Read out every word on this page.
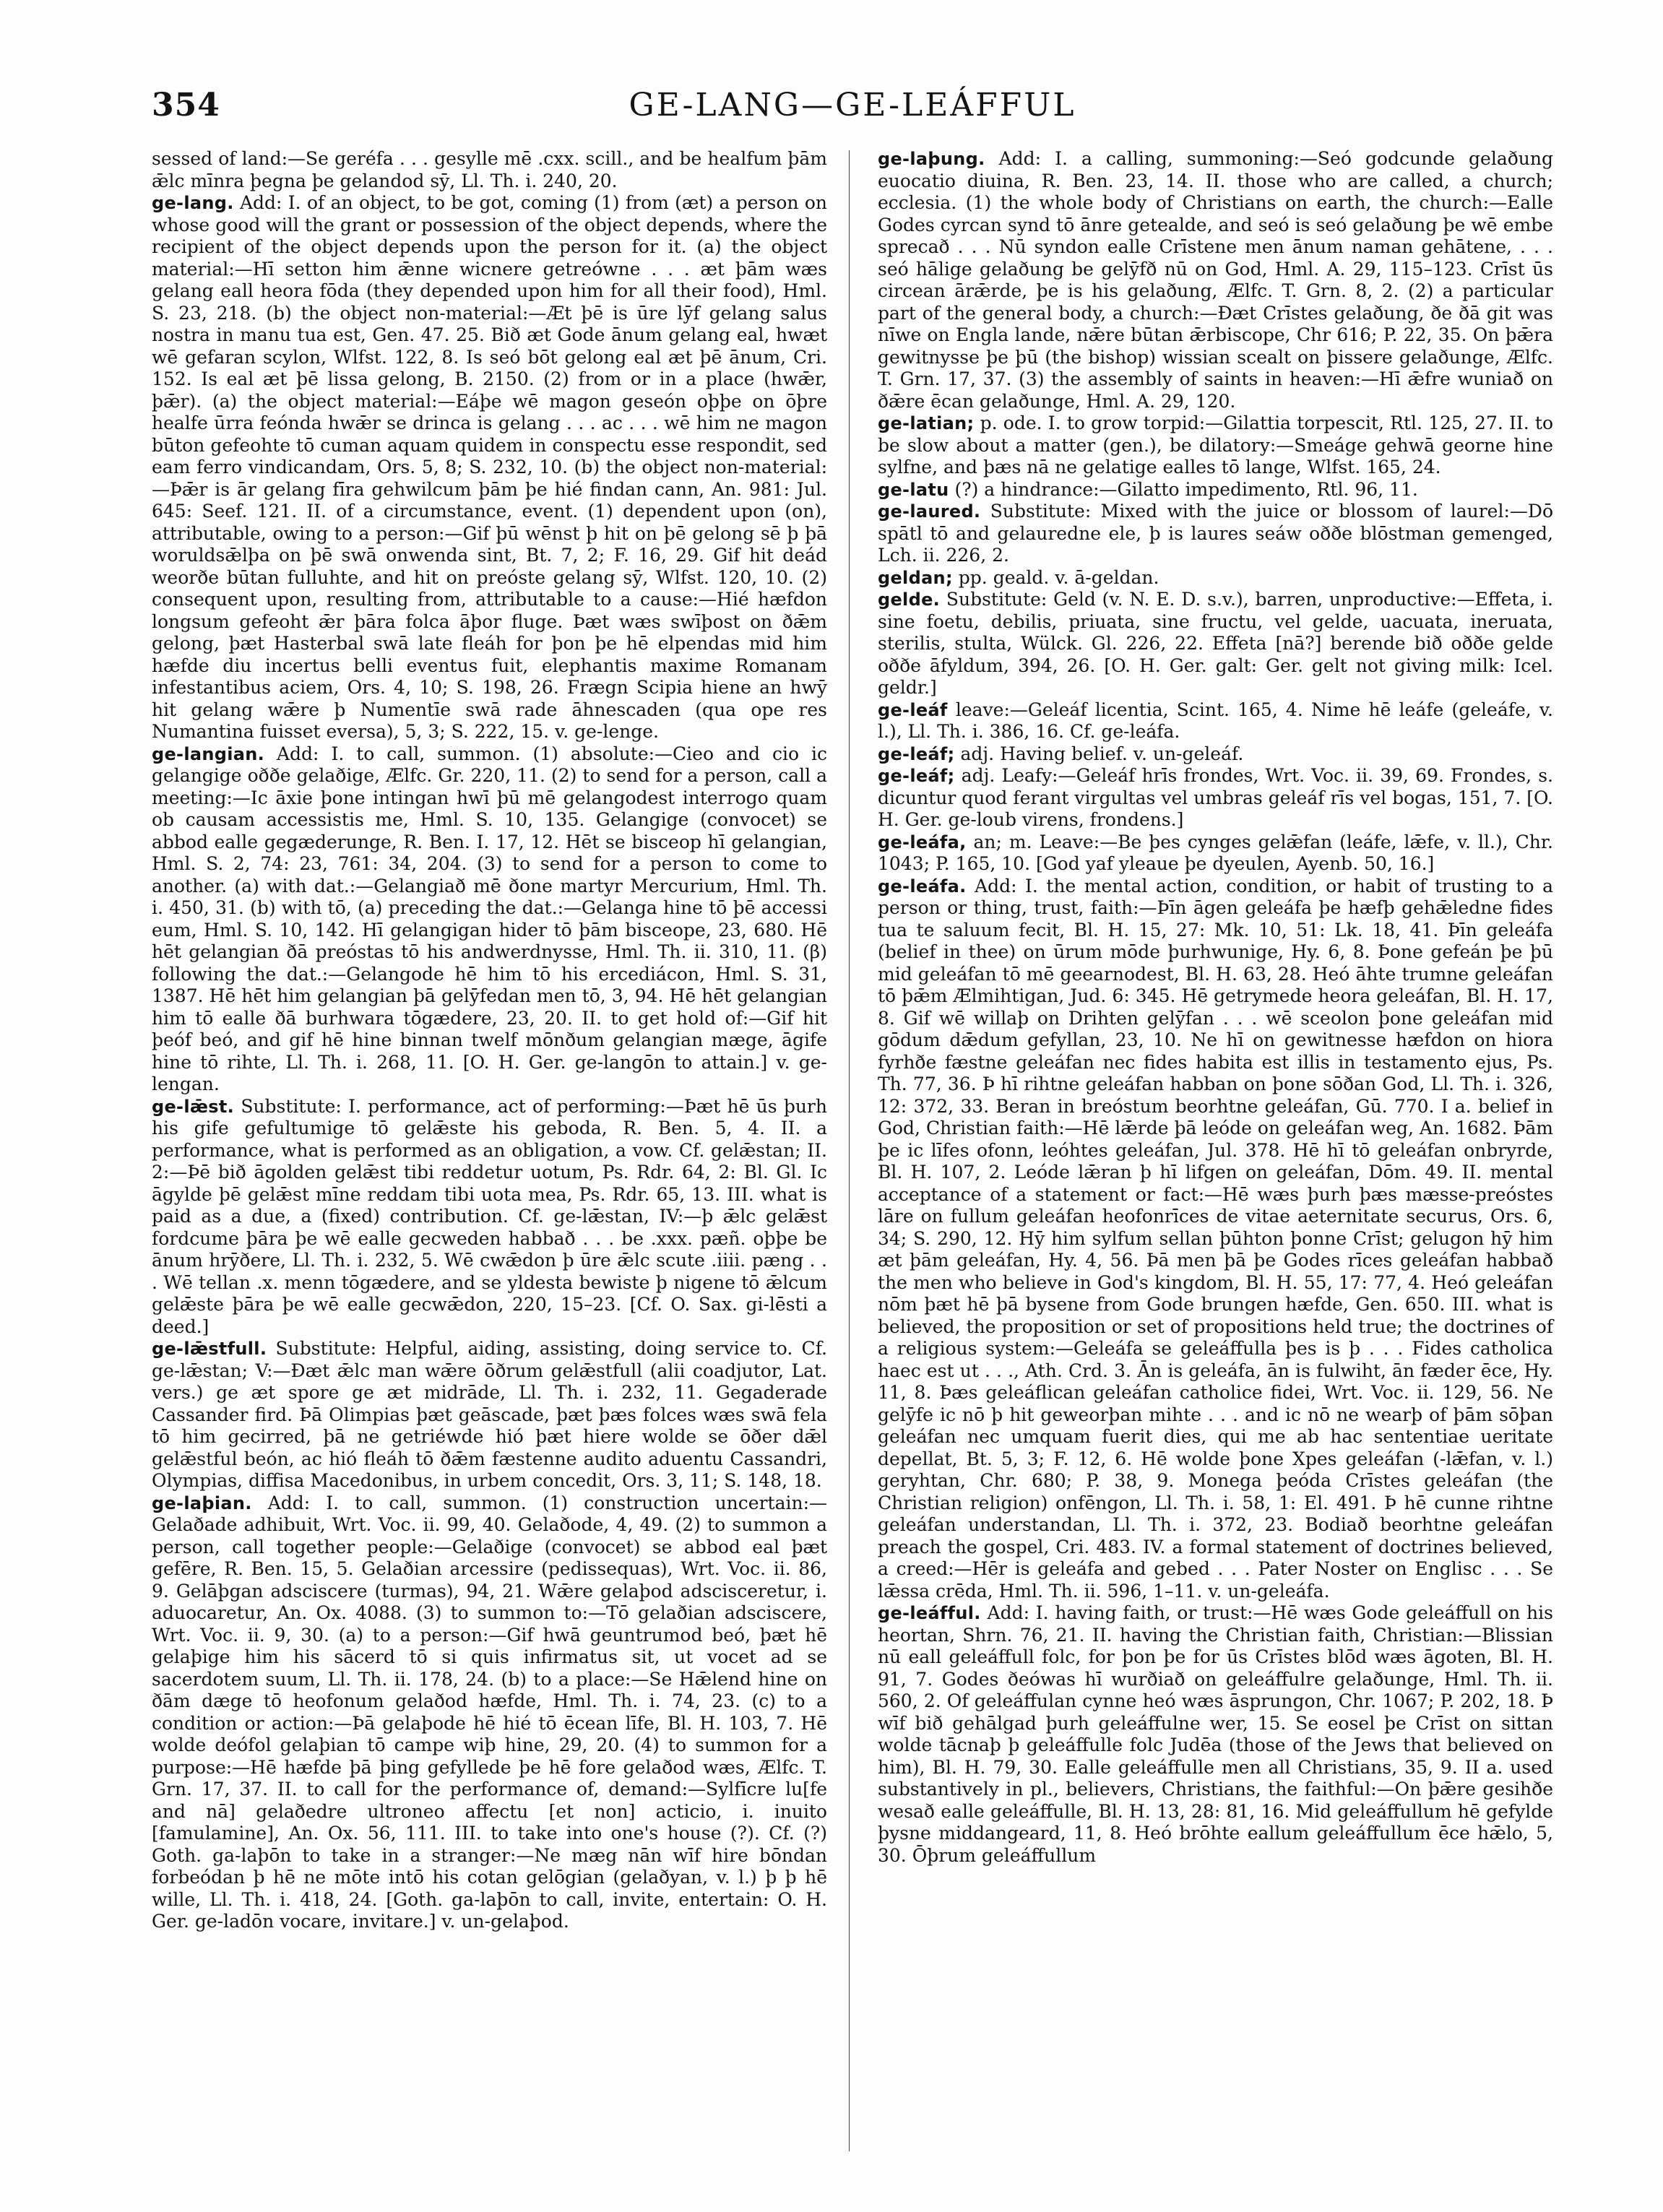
354	GE-LANG—GE-LEÁFFUL

sessed of land:—Se geréfa . . . gesylle mē .cxx. scill., and be healfum þām ǣlc mīnra þegna þe gelandod sȳ, Ll. Th. i. 240, 20.

ge-lang. Add: I. of an object, to be got, coming (1) from (æt) a person on whose good will the grant or possession of the object depends, where the recipient of the object depends upon the person for it. (a) the object material:—Hī setton him ǣnne wicnere getreówne . . . æt þām wæs gelang eall heora fōda (they depended upon him for all their food), Hml. S. 23, 218. (b) the object non-material:—Æt þē is ūre lȳf gelang salus nostra in manu tua est, Gen. 47. 25. Bið æt Gode ānum gelang eal, hwæt wē gefaran scylon, Wlfst. 122, 8. Is seó bōt gelong eal æt þē ānum, Cri. 152. Is eal æt þē lissa gelong, B. 2150. (2) from or in a place (hwǣr, þǣr). (a) the object material:—Eáþe wē magon geseón oþþe on ōþre healfe ūrra feónda hwǣr se drinca is gelang . . . ac . . . wē him ne magon būton gefeohte tō cuman aquam quidem in conspectu esse respondit, sed eam ferro vindicandam, Ors. 5, 8; S. 232, 10. (b) the object non-material:—Þǣr is ār gelang fīra gehwilcum þām þe hié findan cann, An. 981: Jul. 645: Seef. 121. II. of a circumstance, event. (1) dependent upon (on), attributable, owing to a person:—Gif þū wēnst þ hit on þē gelong sē þ þā woruldsǣlþa on þē swā onwenda sint, Bt. 7, 2; F. 16, 29. Gif hit deád weorðe būtan fulluhte, and hit on preóste gelang sȳ, Wlfst. 120, 10. (2) consequent upon, resulting from, attributable to a cause:—Hié hæfdon longsum gefeoht ǣr þāra folca āþor fluge. Þæt wæs swīþost on ðǣm gelong, þæt Hasterbal swā late fleáh for þon þe hē elpendas mid him hæfde diu incertus belli eventus fuit, elephantis maxime Romanam infestantibus aciem, Ors. 4, 10; S. 198, 26. Frægn Scipia hiene an hwȳ hit gelang wǣre þ Numentīe swā rade āhnescaden (qua ope res Numantina fuisset eversa), 5, 3; S. 222, 15. v. ge-lenge.

ge-langian. Add: I. to call, summon. (1) absolute:—Cieo and cio ic gelangige oððe gelaðige, Ælfc. Gr. 220, 11. (2) to send for a person, call a meeting:—Ic āxie þone intingan hwī þū mē gelangodest interrogo quam ob causam accessistis me, Hml. S. 10, 135. Gelangige (convocet) se abbod ealle gegæderunge, R. Ben. I. 17, 12. Hēt se bisceop hī gelangian, Hml. S. 2, 74: 23, 761: 34, 204. (3) to send for a person to come to another. (a) with dat.:—Gelangiað mē ðone martyr Mercurium, Hml. Th. i. 450, 31. (b) with tō, (a) preceding the dat.:—Gelanga hine tō þē accessi eum, Hml. S. 10, 142. Hī gelangigan hider tō þām bisceope, 23, 680. Hē hēt gelangian ðā preóstas tō his andwerdnysse, Hml. Th. ii. 310, 11. (β) following the dat.:—Gelangode hē him tō his ercediácon, Hml. S. 31, 1387. Hē hēt him gelangian þā gelȳfedan men tō, 3, 94. Hē hēt gelangian him tō ealle ðā burhwara tōgædere, 23, 20. II. to get hold of:—Gif hit þeóf beó, and gif hē hine binnan twelf mōnðum gelangian mæge, āgife hine tō rihte, Ll. Th. i. 268, 11. [O. H. Ger. ge-langōn to attain.] v. ge-lengan.

ge-lǣst. Substitute: I. performance, act of performing:—Þæt hē ūs þurh his gife gefultumige tō gelǣste his geboda, R. Ben. 5, 4. II. a performance, what is performed as an obligation, a vow. Cf. gelǣstan; II. 2:—Þē bið āgolden gelǣst tibi reddetur uotum, Ps. Rdr. 64, 2: Bl. Gl. Ic āgylde þē gelǣst mīne reddam tibi uota mea, Ps. Rdr. 65, 13. III. what is paid as a due, a (fixed) contribution. Cf. ge-lǣstan, IV:—þ ǣlc gelǣst fordcume þāra þe wē ealle gecweden habbað . . . be .xxx. pæñ. oþþe be ānum hrȳðere, Ll. Th. i. 232, 5. Wē cwǣdon þ ūre ǣlc scute .iiii. pæng . . . Wē tellan .x. menn tōgædere, and se yldesta bewiste þ nigene tō ǣlcum gelǣste þāra þe wē ealle gecwǣdon, 220, 15–23. [Cf. O. Sax. gi-lēsti a deed.]

ge-lǣstfull. Substitute: Helpful, aiding, assisting, doing service to. Cf. ge-lǣstan; V:—Ðæt ǣlc man wǣre ōðrum gelǣstfull (alii coadjutor, Lat. vers.) ge æt spore ge æt midrāde, Ll. Th. i. 232, 11. Gegaderade Cassander fird. Þā Olimpias þæt geāscade, þæt þæs folces wæs swā fela tō him gecirred, þā ne getriéwde hió þæt hiere wolde se ōðer dǣl gelǣstful beón, ac hió fleáh tō ðǣm fæstenne audito aduentu Cassandri, Olympias, diffisa Macedonibus, in urbem concedit, Ors. 3, 11; S. 148, 18.

ge-laþian. Add: I. to call, summon. (1) construction uncertain:—Gelaðade adhibuit, Wrt. Voc. ii. 99, 40. Gelaðode, 4, 49. (2) to summon a person, call together people:—Gelaðige (convocet) se abbod eal þæt gefēre, R. Ben. 15, 5. Gelaðian arcessire (pedissequas), Wrt. Voc. ii. 86, 9. Gelāþgan adsciscere (turmas), 94, 21. Wǣre gelaþod adscisceretur, i. aduocaretur, An. Ox. 4088. (3) to summon to:—Tō gelaðian adsciscere, Wrt. Voc. ii. 9, 30. (a) to a person:—Gif hwā geuntrumod beó, þæt hē gelaþige him his sācerd tō si quis infirmatus sit, ut vocet ad se sacerdotem suum, Ll. Th. ii. 178, 24. (b) to a place:—Se Hǣlend hine on ðām dæge tō heofonum gelaðod hæfde, Hml. Th. i. 74, 23. (c) to a condition or action:—Þā gelaþode hē hié tō ēcean līfe, Bl. H. 103, 7. Hē wolde deófol gelaþian tō campe wiþ hine, 29, 20. (4) to summon for a purpose:—Hē hæfde þā þing gefyllede þe hē fore gelaðod wæs, Ælfc. T. Grn. 17, 37. II. to call for the performance of, demand:—Sylfīcre lu[fe and nā] gelaðedre ultroneo affectu [et non] acticio, i. inuito [famulamine], An. Ox. 56, 111. III. to take into one's house (?). Cf. (?) Goth. ga-laþōn to take in a stranger:—Ne mæg nān wīf hire bōndan forbeódan þ hē ne mōte intō his cotan gelōgian (gelaðyan, v. l.) þ þ hē wille, Ll. Th. i. 418, 24. [Goth. ga-laþōn to call, invite, entertain: O. H. Ger. ge-ladōn vocare, invitare.] v. un-gelaþod.

ge-laþung. Add: I. a calling, summoning:—Seó godcunde gelaðung euocatio diuina, R. Ben. 23, 14. II. those who are called, a church; ecclesia. (1) the whole body of Christians on earth, the church:—Ealle Godes cyrcan synd tō ānre getealde, and seó is seó gelaðung þe wē embe sprecað . . . Nū syndon ealle Crīstene men ānum naman gehātene, . . . seó hālige gelaðung be gelȳfð nū on God, Hml. A. 29, 115–123. Crīst ūs circean ārǣrde, þe is his gelaðung, Ælfc. T. Grn. 8, 2. (2) a particular part of the general body, a church:—Ðæt Crīstes gelaðung, ðe ðā git was nīwe on Engla lande, nǣre būtan ǣrbiscope, Chr 616; P. 22, 35. On þǣra gewitnysse þe þū (the bishop) wissian scealt on þissere gelaðunge, Ælfc. T. Grn. 17, 37. (3) the assembly of saints in heaven:—Hī ǣfre wuniað on ðǣre ēcan gelaðunge, Hml. A. 29, 120.

ge-latian; p. ode. I. to grow torpid:—Gilattia torpescit, Rtl. 125, 27. II. to be slow about a matter (gen.), be dilatory:—Smeáge gehwā georne hine sylfne, and þæs nā ne gelatige ealles tō lange, Wlfst. 165, 24.

ge-latu (?) a hindrance:—Gilatto impedimento, Rtl. 96, 11.

ge-laured. Substitute: Mixed with the juice or blossom of laurel:—Dō spātl tō and gelauredne ele, þ is laures seáw oððe blōstman gemenged, Lch. ii. 226, 2.

geldan; pp. geald. v. ā-geldan.

gelde. Substitute: Geld (v. N. E. D. s.v.), barren, unproductive:—Effeta, i. sine foetu, debilis, priuata, sine fructu, vel gelde, uacuata, ineruata, sterilis, stulta, Wülck. Gl. 226, 22. Effeta [nā?] berende bið oððe gelde oððe āfyldum, 394, 26. [O. H. Ger. galt: Ger. gelt not giving milk: Icel. geldr.]

ge-leáf leave:—Geleáf licentia, Scint. 165, 4. Nime hē leáfe (geleáfe, v. l.), Ll. Th. i. 386, 16. Cf. ge-leáfa.

ge-leáf; adj. Having belief. v. un-geleáf.

ge-leáf; adj. Leafy:—Geleáf hrīs frondes, Wrt. Voc. ii. 39, 69. Frondes, s. dicuntur quod ferant virgultas vel umbras geleáf rīs vel bogas, 151, 7. [O. H. Ger. ge-loub virens, frondens.]

ge-leáfa, an; m. Leave:—Be þes cynges gelǣfan (leáfe, lǣfe, v. ll.), Chr. 1043; P. 165, 10. [God yaf yleaue þe dyeulen, Ayenb. 50, 16.]

ge-leáfa. Add: I. the mental action, condition, or habit of trusting to a person or thing, trust, faith:—Þīn āgen geleáfa þe hæfþ gehǣledne fides tua te saluum fecit, Bl. H. 15, 27: Mk. 10, 51: Lk. 18, 41. Þīn geleáfa (belief in thee) on ūrum mōde þurhwunige, Hy. 6, 8. Þone gefeán þe þū mid geleáfan tō mē geearnodest, Bl. H. 63, 28. Heó āhte trumne geleáfan tō þǣm Ælmihtigan, Jud. 6: 345. Hē getrymede heora geleáfan, Bl. H. 17, 8. Gif wē willaþ on Drihten gelȳfan . . . wē sceolon þone geleáfan mid gōdum dǣdum gefyllan, 23, 10. Ne hī on gewitnesse hæfdon on hiora fyrhðe fæstne geleáfan nec fides habita est illis in testamento ejus, Ps. Th. 77, 36. Þ hī rihtne geleáfan habban on þone sōðan God, Ll. Th. i. 326, 12: 372, 33. Beran in breóstum beorhtne geleáfan, Gū. 770. I a. belief in God, Christian faith:—Hē lǣrde þā leóde on geleáfan weg, An. 1682. Þām þe ic līfes ofonn, leóhtes geleáfan, Jul. 378. Hē hī tō geleáfan onbryrde, Bl. H. 107, 2. Leóde lǣran þ hī lifgen on geleáfan, Dōm. 49. II. mental acceptance of a statement or fact:—Hē wæs þurh þæs mæsse-preóstes lāre on fullum geleáfan heofonrīces de vitae aeternitate securus, Ors. 6, 34; S. 290, 12. Hȳ him sylfum sellan þūhton þonne Crīst; gelugon hȳ him æt þām geleáfan, Hy. 4, 56. Þā men þā þe Godes rīces geleáfan habbað the men who believe in God's kingdom, Bl. H. 55, 17: 77, 4. Heó geleáfan nōm þæt hē þā bysene from Gode brungen hæfde, Gen. 650. III. what is believed, the proposition or set of propositions held true; the doctrines of a religious system:—Geleáfa se geleáffulla þes is þ . . . Fides catholica haec est ut . . ., Ath. Crd. 3. Ān is geleáfa, ān is fulwiht, ān fæder ēce, Hy. 11, 8. Þæs geleáflican geleáfan catholice fidei, Wrt. Voc. ii. 129, 56. Ne gelȳfe ic nō þ hit geweorþan mihte . . . and ic nō ne wearþ of þām sōþan geleáfan nec umquam fuerit dies, qui me ab hac sententiae ueritate depellat, Bt. 5, 3; F. 12, 6. Hē wolde þone Xpes geleáfan (-lǣfan, v. l.) geryhtan, Chr. 680; P. 38, 9. Monega þeóda Crīstes geleáfan (the Christian religion) onfēngon, Ll. Th. i. 58, 1: El. 491. Þ hē cunne rihtne geleáfan understandan, Ll. Th. i. 372, 23. Bodiað beorhtne geleáfan preach the gospel, Cri. 483. IV. a formal statement of doctrines believed, a creed:—Hēr is geleáfa and gebed . . . Pater Noster on Englisc . . . Se lǣssa crēda, Hml. Th. ii. 596, 1–11. v. un-geleáfa.

ge-leáfful. Add: I. having faith, or trust:—Hē wæs Gode geleáffull on his heortan, Shrn. 76, 21. II. having the Christian faith, Christian:—Blissian nū eall geleáffull folc, for þon þe for ūs Crīstes blōd wæs āgoten, Bl. H. 91, 7. Godes ðeówas hī wurðiað on geleáffulre gelaðunge, Hml. Th. ii. 560, 2. Of geleáffulan cynne heó wæs āsprungon, Chr. 1067; P. 202, 18. Þ wīf bið gehālgad þurh geleáffulne wer, 15. Se eosel þe Crīst on sittan wolde tācnaþ þ geleáffulle folc Judēa (those of the Jews that believed on him), Bl. H. 79, 30. Ealle geleáffulle men all Christians, 35, 9. II a. used substantively in pl., believers, Christians, the faithful:—On þǣre gesihðe wesað ealle geleáffulle, Bl. H. 13, 28: 81, 16. Mid geleáffullum hē gefylde þysne middangeard, 11, 8. Heó brōhte eallum geleáffullum ēce hǣlo, 5, 30. Ōþrum geleáffullum
